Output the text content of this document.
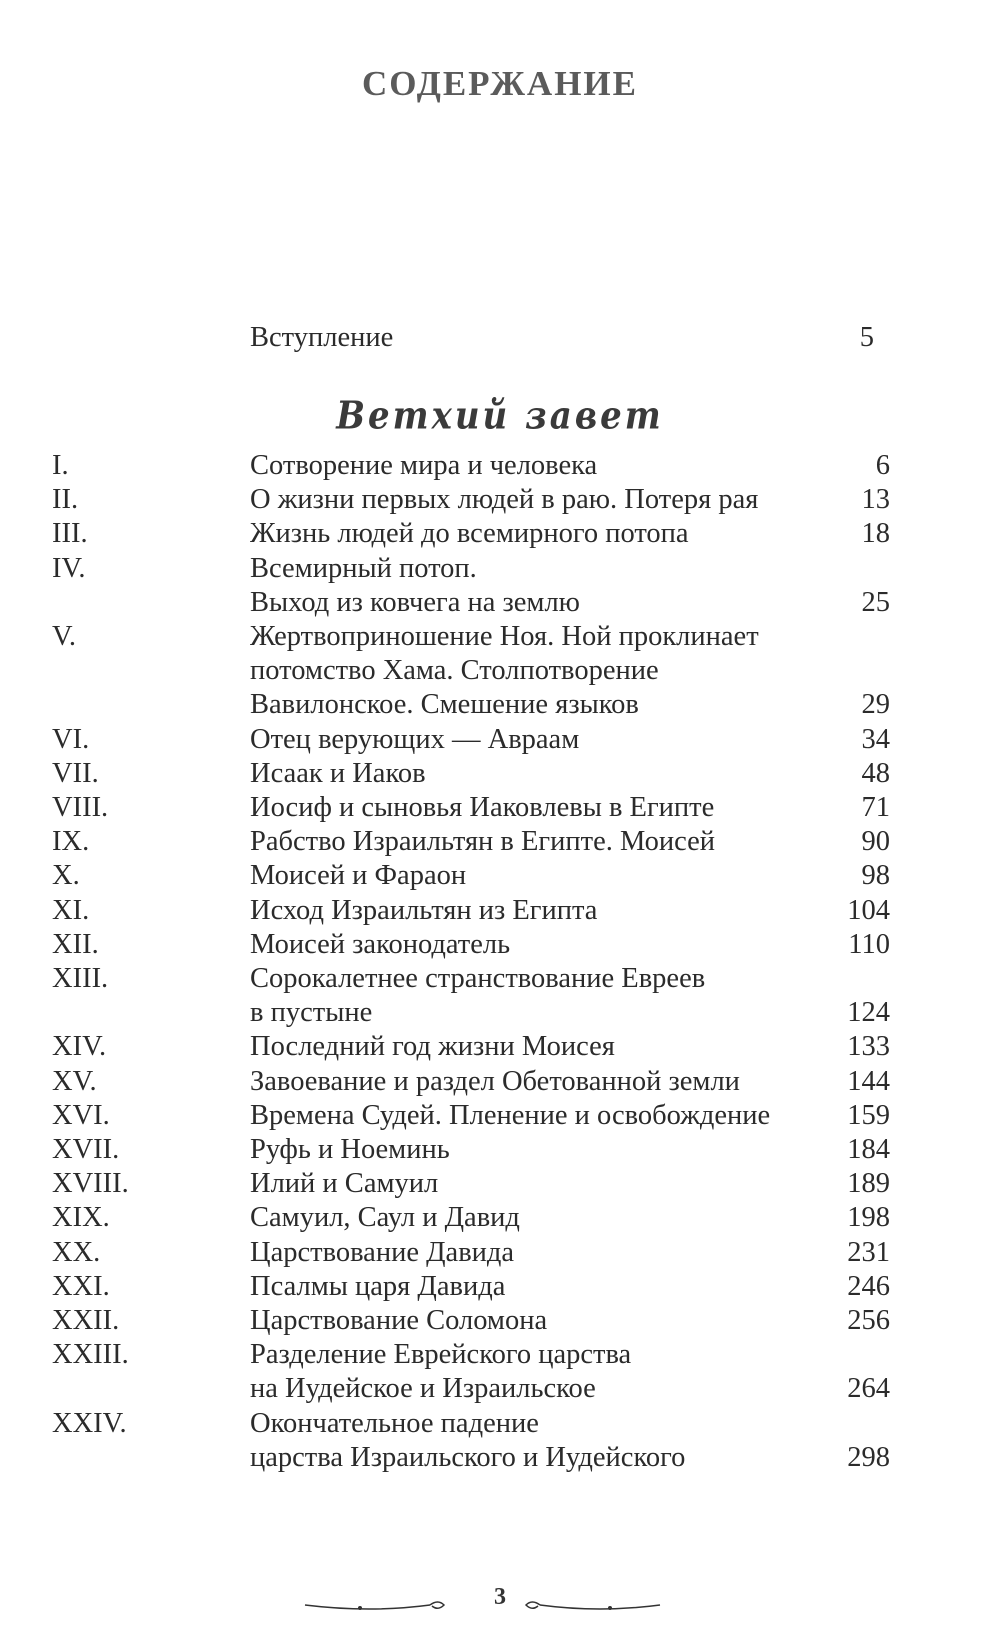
СОДЕРЖАНИЕ
Вступление	5
Ветхий завет
I.	Сотворение мира и человека	6
II.	О жизни первых людей в раю. Потеря рая	13
III.	Жизнь людей до всемирного потопа	18
IV.	Всемирный потоп.
Выход из ковчега на землю	25
V.	Жертвоприношение Ноя. Ной проклинает
потомство Хама. Столпотворение
Вавилонское. Смешение языков	29
VI.	Отец верующих — Авраам	34
VII.	Исаак и Иаков	48
VIII.	Иосиф и сыновья Иаковлевы в Египте	71
IX.	Рабство Израильтян в Египте. Моисей	90
X.	Моисей и Фараон	98
XI.	Исход Израильтян из Египта	104
XII.	Моисей законодатель	110
XIII.	Сорокалетнее странствование Евреев
в пустыне	124
XIV.	Последний год жизни Моисея	133
XV.	Завоевание и раздел Обетованной земли	144
XVI.	Времена Судей. Пленение и освобождение	159
XVII.	Руфь и Ноеминь	184
XVIII.	Илий и Самуил	189
XIX.	Самуил, Саул и Давид	198
XX.	Царствование Давида	231
XXI.	Псалмы царя Давида	246
XXII.	Царствование Соломона	256
XXIII.	Разделение Еврейского царства
на Иудейское и Израильское	264
XXIV.	Окончательное падение
царства Израильского и Иудейского	298
3
